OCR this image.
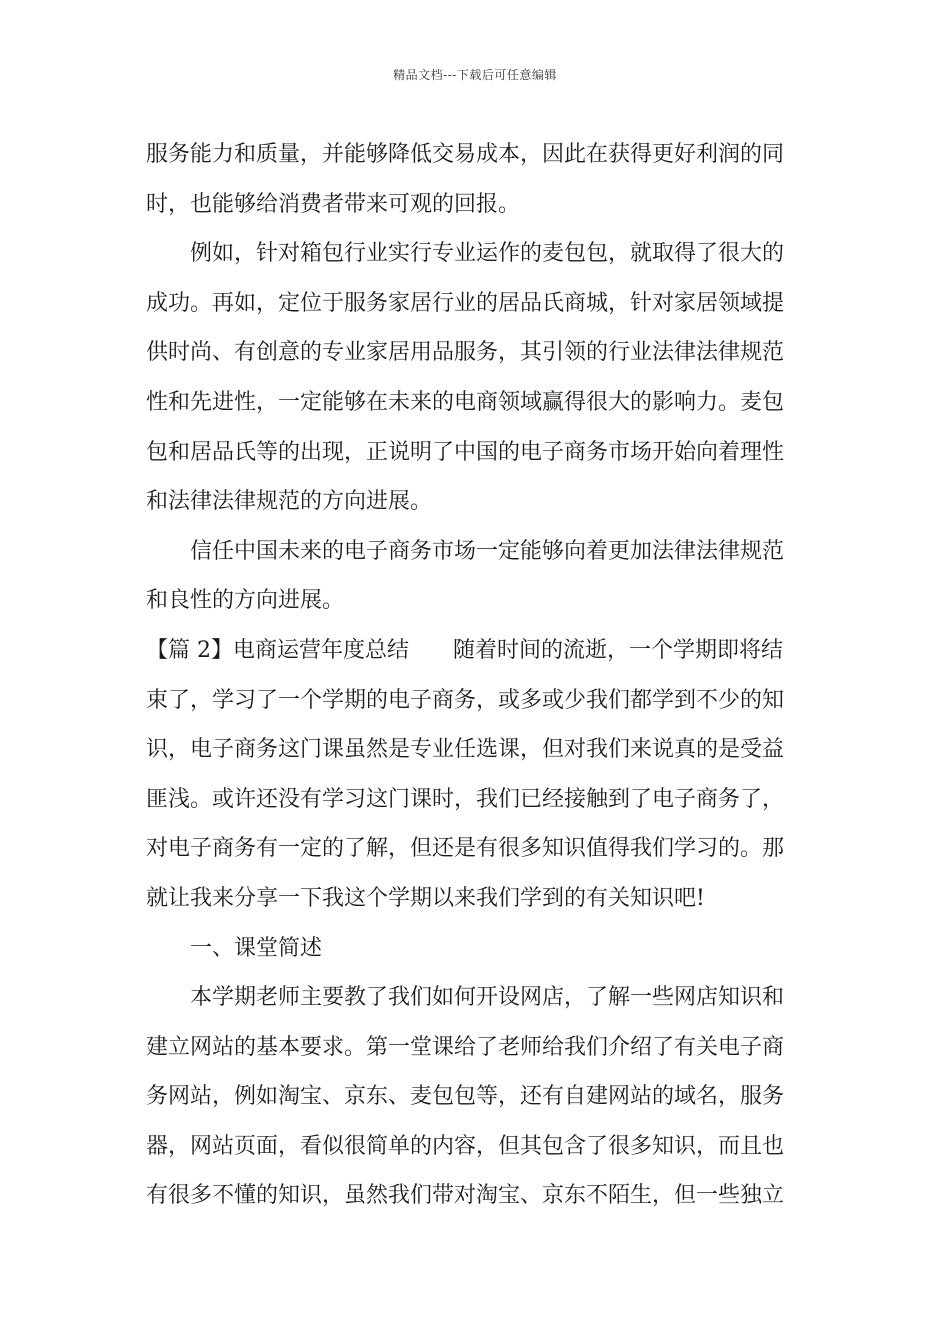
精品文档---下载后可任意编辑
服务能力和质量，并能够降低交易成本，因此在获得更好利润的同
时，也能够给消费者带来可观的回报。
例如，针对箱包行业实行专业运作的麦包包，就取得了很大的
成功。再如，定位于服务家居行业的居品氏商城，针对家居领域提
供时尚、有创意的专业家居用品服务，其引领的行业法律法律规范
性和先进性，一定能够在未来的电商领域赢得很大的影响力。麦包
包和居品氏等的出现，正说明了中国的电子商务市场开始向着理性
和法律法律规范的方向进展。
信任中国未来的电子商务市场一定能够向着更加法律法律规范
和良性的方向进展。
【篇 2】电商运营年度总结　　随着时间的流逝，一个学期即将结
束了，学习了一个学期的电子商务，或多或少我们都学到不少的知
识，电子商务这门课虽然是专业任选课，但对我们来说真的是受益
匪浅。或许还没有学习这门课时，我们已经接触到了电子商务了，
对电子商务有一定的了解，但还是有很多知识值得我们学习的。那
就让我来分享一下我这个学期以来我们学到的有关知识吧!
一、课堂简述
本学期老师主要教了我们如何开设网店，了解一些网店知识和
建立网站的基本要求。第一堂课给了老师给我们介绍了有关电子商
务网站，例如淘宝、京东、麦包包等，还有自建网站的域名，服务
器，网站页面，看似很简单的内容，但其包含了很多知识，而且也
有很多不懂的知识，虽然我们带对淘宝、京东不陌生，但一些独立
